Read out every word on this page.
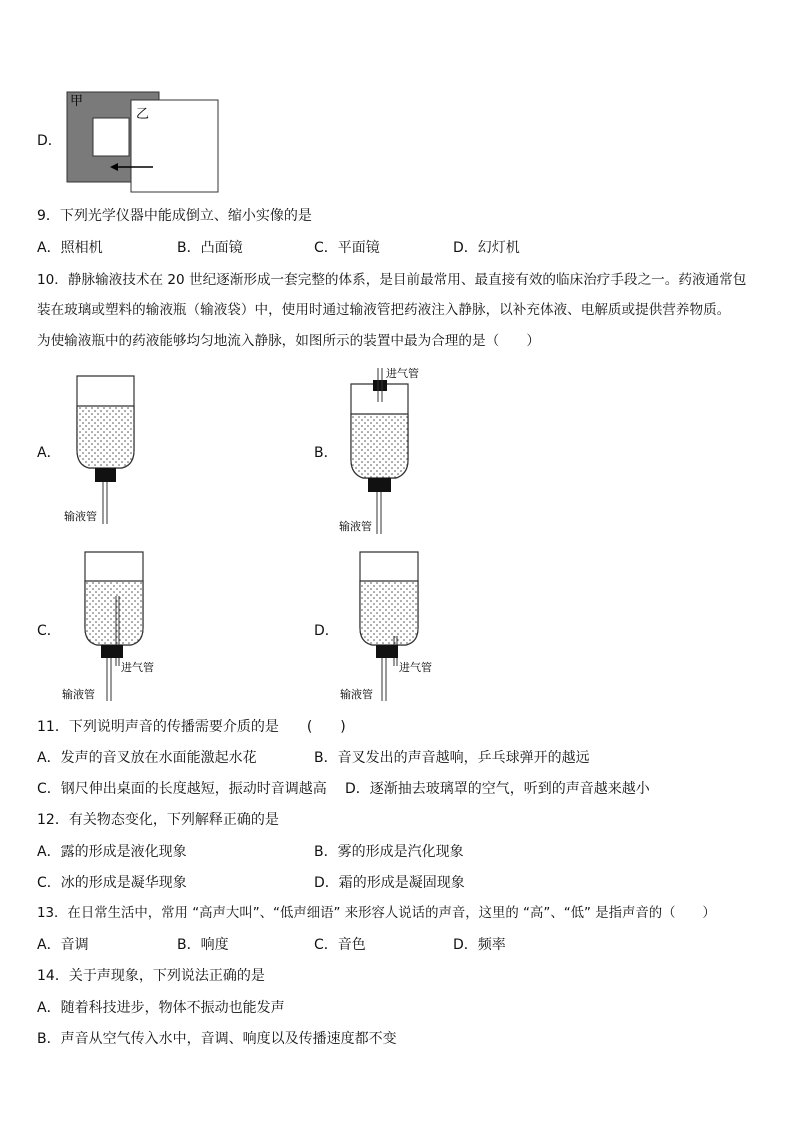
D．
甲
乙
9．下列光学仪器中能成倒立、缩小实像的是
A．照相机	B．凸面镜	C．平面镜	D．幻灯机
10．静脉输液技术在 20 世纪逐渐形成一套完整的体系，是目前最常用、最直接有效的临床治疗手段之一。药液通常包
装在玻璃或塑料的输液瓶（输液袋）中，使用时通过输液管把药液注入静脉，以补充体液、电解质或提供营养物质。
为使输液瓶中的药液能够均匀地流入静脉，如图所示的装置中最为合理的是（　　）
A．
输液管
B．
进气管
输液管
C．
进气管
输液管
D．
进气管
输液管
11．下列说明声音的传播需要介质的是　　(　　)
A．发声的音叉放在水面能激起水花	B．音叉发出的声音越响，乒乓球弹开的越远
C．钢尺伸出桌面的长度越短，振动时音调越高 D．逐渐抽去玻璃罩的空气，听到的声音越来越小
12．有关物态变化，下列解释正确的是
A．露的形成是液化现象	B．雾的形成是汽化现象
C．冰的形成是凝华现象	D．霜的形成是凝固现象
13．在日常生活中，常用 “高声大叫”、“低声细语” 来形容人说话的声音，这里的 “高”、“低” 是指声音的（　　）
A．音调	B．响度	C．音色	D．频率
14．关于声现象，下列说法正确的是
A．随着科技进步，物体不振动也能发声
B．声音从空气传入水中，音调、响度以及传播速度都不变
